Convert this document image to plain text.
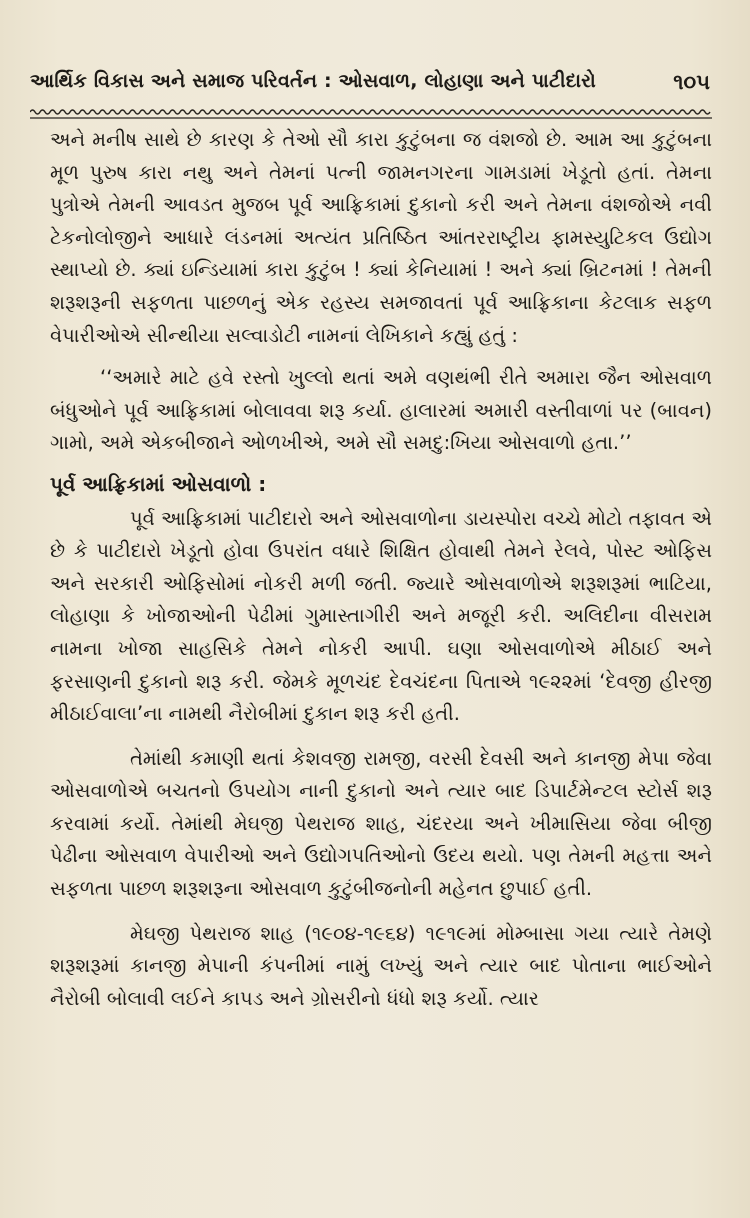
આર્થિક વિકાસ અને સમાજ પરિવર્તન : ઓસવાળ, લોહાણા અને પાટીદારો	૧૦૫

અને મનીષ સાથે છે કારણ કે તેઓ સૌ કારા કુટુંબના જ વંશજો છે. આમ આ કુટુંબના મૂળ પુરુષ કારા નથુ અને તેમનાં પત્ની જામનગરના ગામડામાં ખેડૂતો હતાં. તેમના પુત્રોએ તેમની આવડત મુજબ પૂર્વ આફ્રિકામાં દુકાનો કરી અને તેમના વંશજોએ નવી ટેકનોલોજીને આધારે લંડનમાં અત્યંત પ્રતિષ્ઠિત આંતરરાષ્ટ્રીય ફામસ્યુટિકલ ઉદ્યોગ સ્થાપ્યો છે. ક્યાં ઇન્ડિયામાં કારા કુટુંબ ! ક્યાં કેનિયામાં ! અને ક્યાં બ્રિટનમાં ! તેમની શરૂશરૂની સફળતા પાછળનું એક રહસ્ય સમજાવતાં પૂર્વ આફ્રિકાના કેટલાક સફળ વેપારીઓએ સીન્થીયા સલ્વાડોટી નામનાં લેખિકાને કહ્યું હતું :

‘‘અમારે માટે હવે રસ્તો ખુલ્લો થતાં અમે વણથંભી રીતે અમારા જૈન ઓસવાળ બંધુઓને પૂર્વ આફ્રિકામાં બોલાવવા શરૂ કર્યા. હાલારમાં અમારી વસ્તીવાળાં પર (બાવન) ગામો, અમે એકબીજાને ઓળખીએ, અમે સૌ સમદુ:ખિયા ઓસવાળો હતા.’’

પૂર્વ આફ્રિકામાં ઓસવાળો :

પૂર્વ આફ્રિકામાં પાટીદારો અને ઓસવાળોના ડાયસ્પોરા વચ્ચે મોટો તફાવત એ છે કે પાટીદારો ખેડૂતો હોવા ઉપરાંત વધારે શિક્ષિત હોવાથી તેમને રેલવે, પોસ્ટ ઓફિસ અને સરકારી ઓફિસોમાં નોકરી મળી જતી. જ્યારે ઓસવાળોએ શરૂશરૂમાં ભાટિયા, લોહાણા કે ખોજાઓની પેઢીમાં ગુમાસ્તાગીરી અને મજૂરી કરી. અલિદીના વીસરામ નામના ખોજા સાહસિકે તેમને નોકરી આપી. ઘણા ઓસવાળોએ મીઠાઈ અને ફરસાણની દુકાનો શરૂ કરી. જેમકે મૂળચંદ દેવચંદના પિતાએ ૧૯૨૨માં ‘દેવજી હીરજી મીઠાઈવાલા’ના નામથી નૈરોબીમાં દુકાન શરૂ કરી હતી.

તેમાંથી કમાણી થતાં કેશવજી રામજી, વરસી દેવસી અને કાનજી મેપા જેવા ઓસવાળોએ બચતનો ઉપયોગ નાની દુકાનો અને ત્યાર બાદ ડિપાર્ટમેન્ટલ સ્ટોર્સ શરૂ કરવામાં કર્યો. તેમાંથી મેઘજી પેથરાજ શાહ, ચંદરયા અને ખીમાસિયા જેવા બીજી પેઢીના ઓસવાળ વેપારીઓ અને ઉદ્યોગપતિઓનો ઉદય થયો. પણ તેમની મહત્તા અને સફળતા પાછળ શરૂશરૂના ઓસવાળ કુટુંબીજનોની મહેનત છુપાઈ હતી.

મેઘજી પેથરાજ શાહ (૧૯૦૪-૧૯૬૪) ૧૯૧૯માં મોમ્બાસા ગયા ત્યારે તેમણે શરૂશરૂમાં કાનજી મેપાની કંપનીમાં નામું લખ્યું અને ત્યાર બાદ પોતાના ભાઈઓને નૈરોબી બોલાવી લઈને કાપડ અને ગ્રોસરીનો ધંધો શરૂ કર્યો. ત્યાર
